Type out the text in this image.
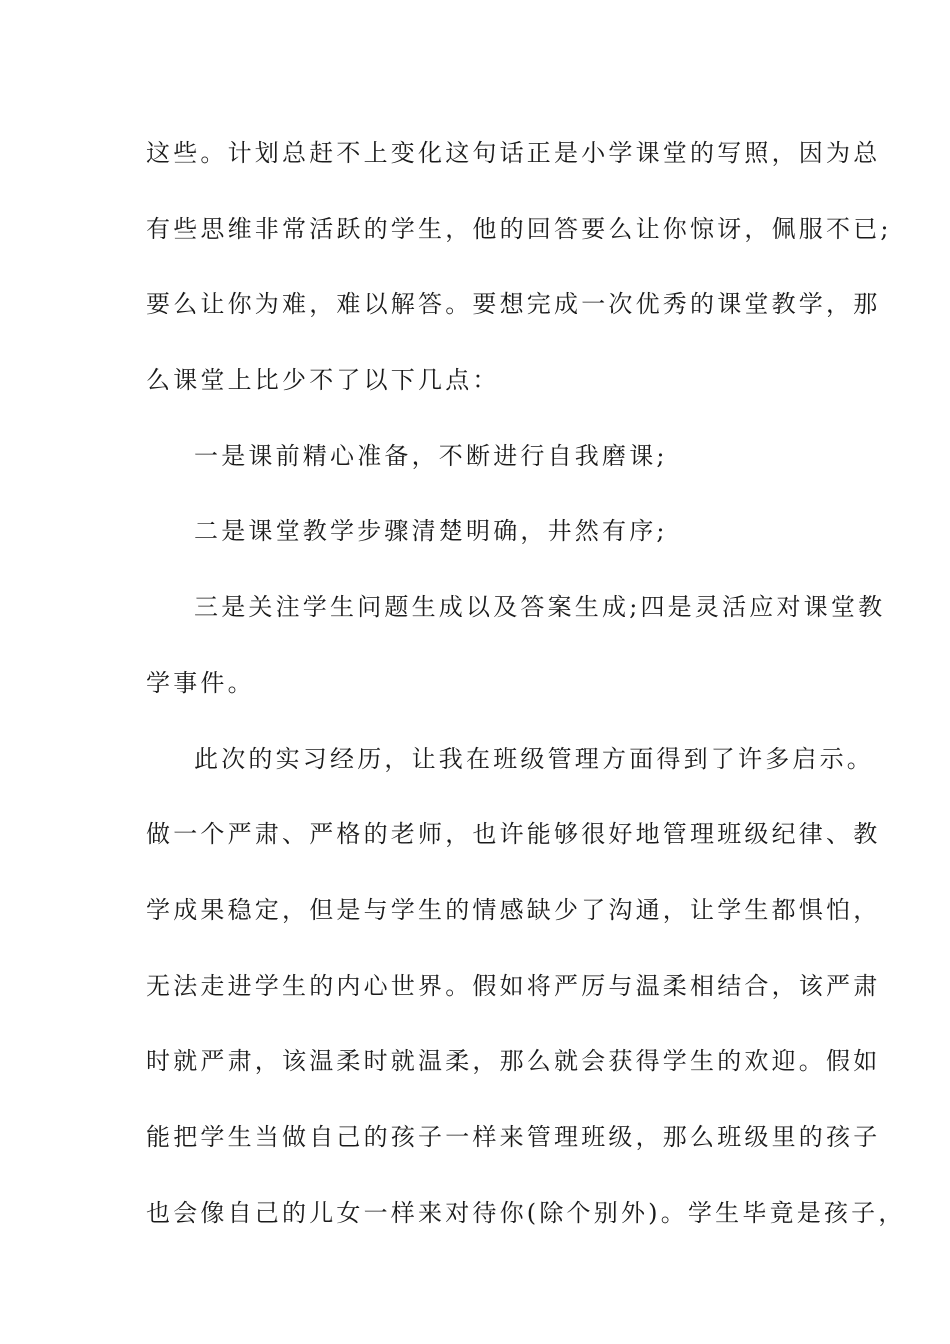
这些。计划总赶不上变化这句话正是小学课堂的写照，因为总
有些思维非常活跃的学生，他的回答要么让你惊讶，佩服不已;
要么让你为难，难以解答。要想完成一次优秀的课堂教学，那
么课堂上比少不了以下几点：
一是课前精心准备，不断进行自我磨课;
二是课堂教学步骤清楚明确，井然有序;
三是关注学生问题生成以及答案生成;四是灵活应对课堂教
学事件。
此次的实习经历，让我在班级管理方面得到了许多启示。
做一个严肃、严格的老师，也许能够很好地管理班级纪律、教
学成果稳定，但是与学生的情感缺少了沟通，让学生都惧怕，
无法走进学生的内心世界。假如将严厉与温柔相结合，该严肃
时就严肃，该温柔时就温柔，那么就会获得学生的欢迎。假如
能把学生当做自己的孩子一样来管理班级，那么班级里的孩子
也会像自己的儿女一样来对待你(除个别外)。学生毕竟是孩子，
